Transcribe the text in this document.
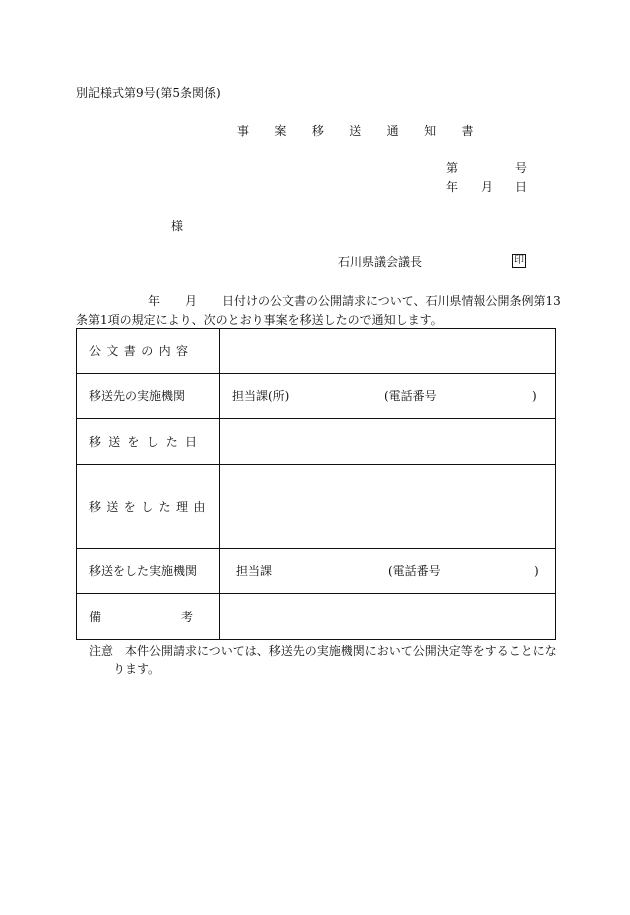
別記様式第9号(第5条関係)
事 案 移 送 通 知 書
第	号
年 月 日
様
石川県議会議長	印
年 月 日付けの公文書の公開請求について、石川県情報公開条例第13
条第1項の規定により、次のとおり事案を移送したので通知します。
公文書の内容	
移送先の実施機関	担当課(所) (電話番号 )

移送をした日	
移送をした理由	
移送をした実施機関	担当課 (電話番号 )

備 考	

注意　本件公開請求については、移送先の実施機関において公開決定等をすることにな
ります。
